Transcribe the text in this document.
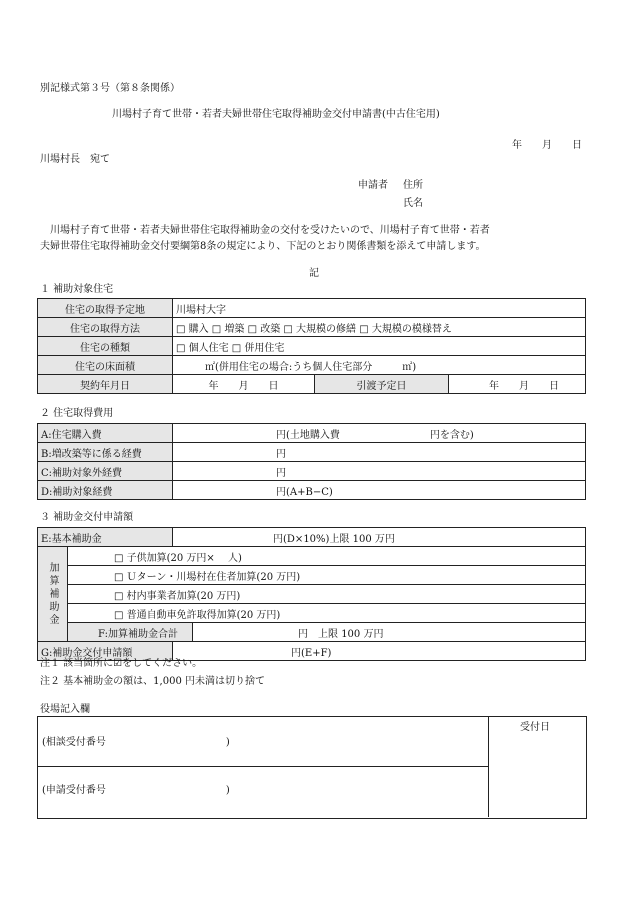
別記様式第３号（第８条関係）
川場村子育て世帯・若者夫婦世帯住宅取得補助金交付申請書(中古住宅用)
年　　月　　日
川場村長　宛て
申請者 住所
氏名
川場村子育て世帯・若者夫婦世帯住宅取得補助金の交付を受けたいので、川場村子育て世帯・若者
夫婦世帯住宅取得補助金交付要綱第8条の規定により、下記のとおり関係書類を添えて申請します。
記
１ 補助対象住宅
住宅の取得予定地	川場村大字
住宅の取得方法	□ 購入 □ 増築 □ 改築 □ 大規模の修繕 □ 大規模の模様替え
住宅の種類	□ 個人住宅 □ 併用住宅
住宅の床面積	㎡(併用住宅の場合:うち個人住宅部分　　　㎡)
契約年月日	年　　月　　日	引渡予定日	年　　月　　日
２ 住宅取得費用
A:住宅購入費	円(土地購入費　　　　　　　　　円を含む)
B:増改築等に係る経費	円
C:補助対象外経費	円
D:補助対象経費	円(A+B−C)
３ 補助金交付申請額
E:基本補助金		円(D×10%)上限 100 万円	
加算補助金	□ 子供加算(20 万円×　 人)		
	□ Ｕターン・川場村在住者加算(20 万円)		
	□ 村内事業者加算(20 万円)		
	□ 普通自動車免許取得加算(20 万円)		
	F:加算補助金合計		円　上限 100 万円
G:補助金交付申請額		円(E+F)	
注１ 該当箇所に☑をしてください。
注２ 基本補助金の額は、1,000 円未満は切り捨て
役場記入欄
受付日
(相談受付番号　　　　　　　　　　　　)
(申請受付番号　　　　　　　　　　　　)
